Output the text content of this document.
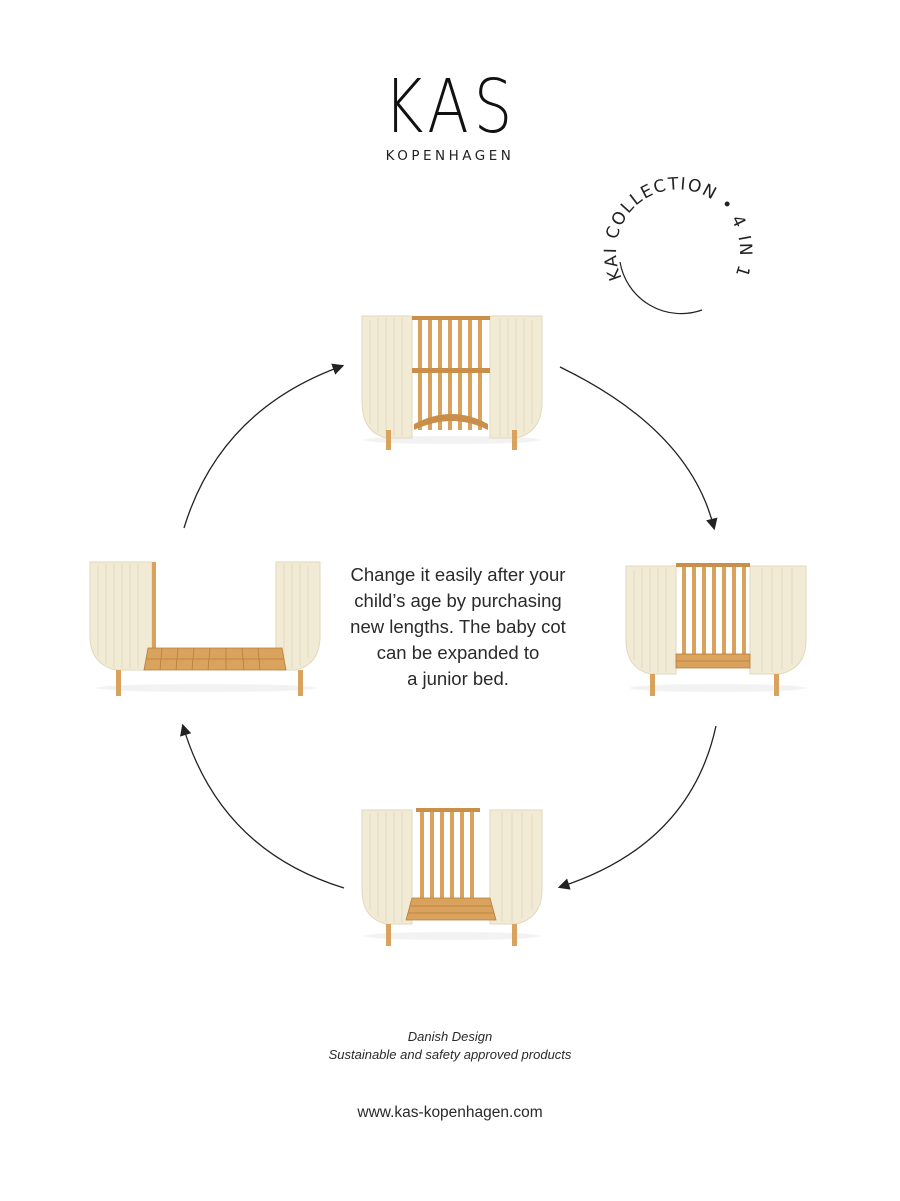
KAS
KOPENHAGEN
KAI COLLECTION • 4 IN 1
Change it easily after your
child’s age by purchasing
new lengths. The baby cot
can be expanded to
a junior bed.
Danish Design
Sustainable and safety approved products
www.kas-kopenhagen.com
